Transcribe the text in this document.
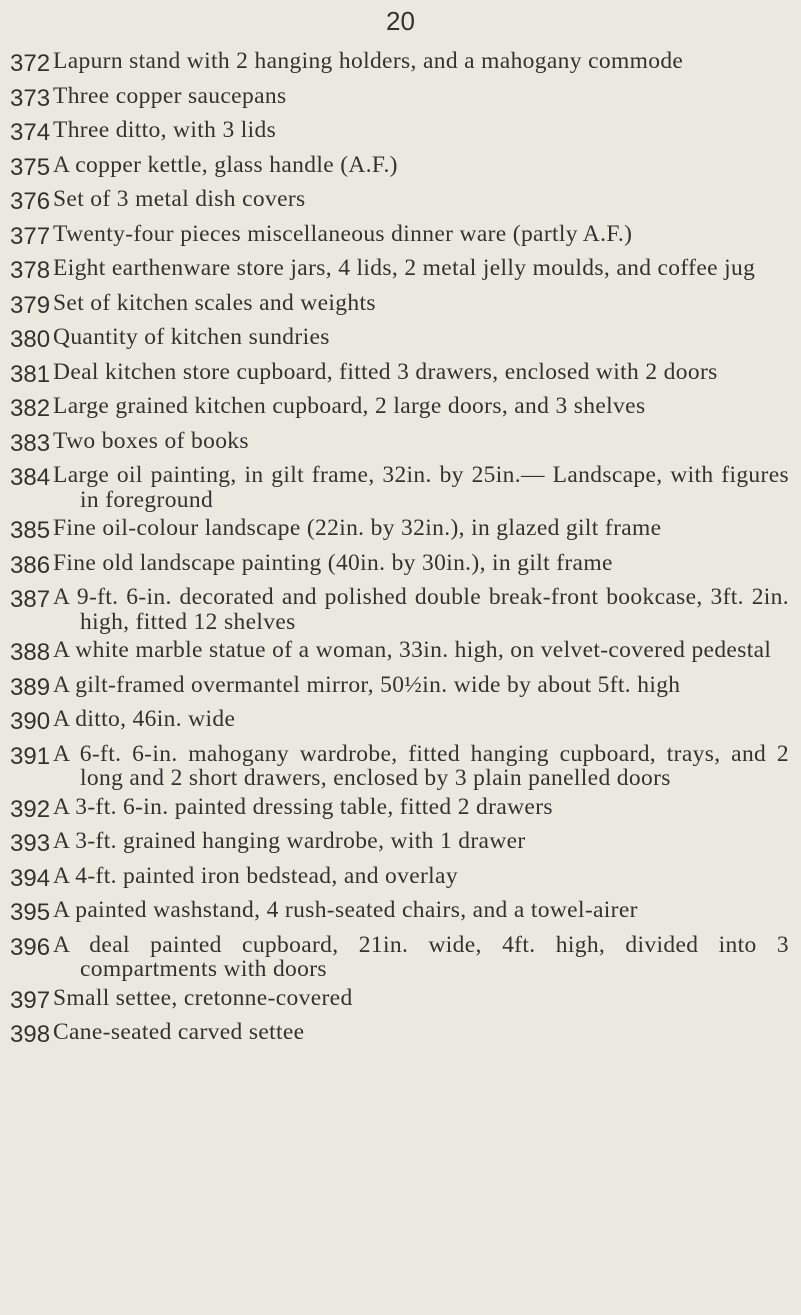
20
372 Lapurn stand with 2 hanging holders, and a mahogany commode
373 Three copper saucepans
374 Three ditto, with 3 lids
375 A copper kettle, glass handle (A.F.)
376 Set of 3 metal dish covers
377 Twenty-four pieces miscellaneous dinner ware (partly A.F.)
378 Eight earthenware store jars, 4 lids, 2 metal jelly moulds, and coffee jug
379 Set of kitchen scales and weights
380 Quantity of kitchen sundries
381 Deal kitchen store cupboard, fitted 3 drawers, enclosed with 2 doors
382 Large grained kitchen cupboard, 2 large doors, and 3 shelves
383 Two boxes of books
384 Large oil painting, in gilt frame, 32in. by 25in.— Landscape, with figures in foreground
385 Fine oil-colour landscape (22in. by 32in.), in glazed gilt frame
386 Fine old landscape painting (40in. by 30in.), in gilt frame
387 A 9-ft. 6-in. decorated and polished double break-front bookcase, 3ft. 2in. high, fitted 12 shelves
388 A white marble statue of a woman, 33in. high, on velvet-covered pedestal
389 A gilt-framed overmantel mirror, 50½in. wide by about 5ft. high
390 A ditto, 46in. wide
391 A 6-ft. 6-in. mahogany wardrobe, fitted hanging cupboard, trays, and 2 long and 2 short drawers, enclosed by 3 plain panelled doors
392 A 3-ft. 6-in. painted dressing table, fitted 2 drawers
393 A 3-ft. grained hanging wardrobe, with 1 drawer
394 A 4-ft. painted iron bedstead, and overlay
395 A painted washstand, 4 rush-seated chairs, and a towel-airer
396 A deal painted cupboard, 21in. wide, 4ft. high, divided into 3 compartments with doors
397 Small settee, cretonne-covered
398 Cane-seated carved settee
